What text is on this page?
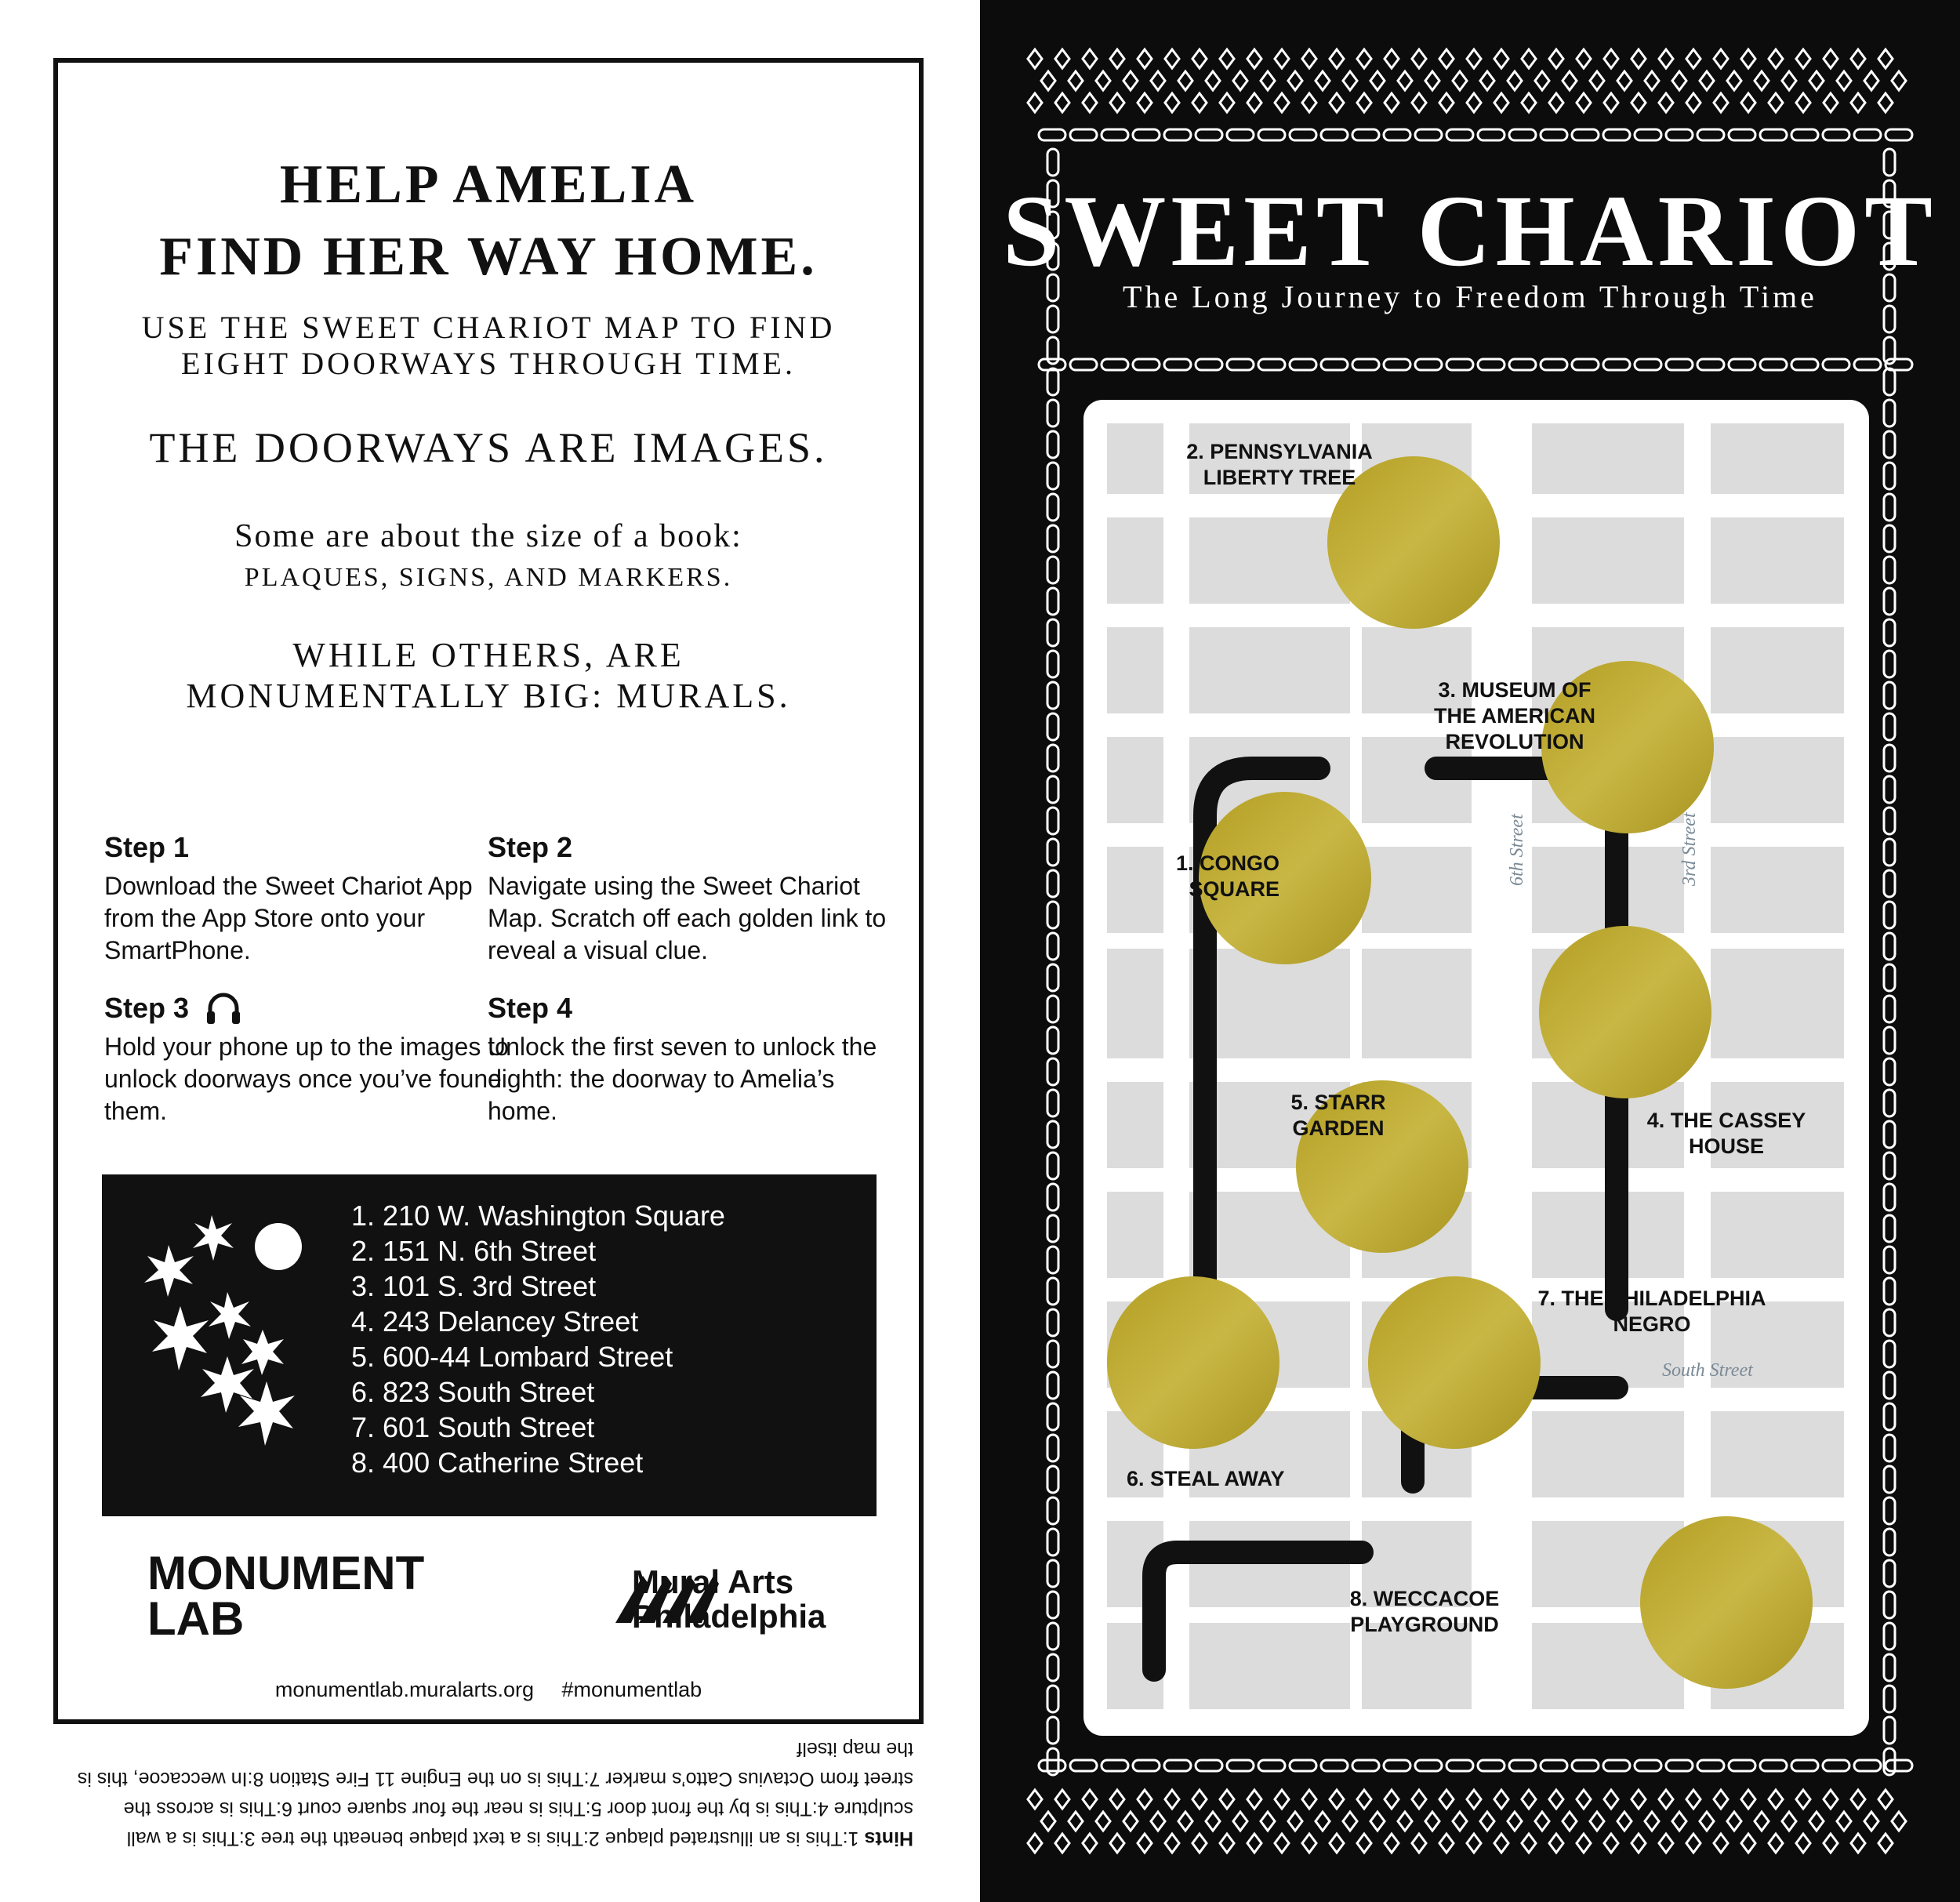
HELP AMELIA
FIND HER WAY HOME.
USE THE SWEET CHARIOT MAP TO FIND
EIGHT DOORWAYS THROUGH TIME.
THE DOORWAYS ARE IMAGES.
Some are about the size of a book:
PLAQUES, SIGNS, AND MARKERS.
WHILE OTHERS, ARE
MONUMENTALLY BIG: MURALS.
Step 1
Download the Sweet Chariot App from the App Store onto your SmartPhone.
Step 2
Navigate using the Sweet Chariot Map. Scratch off each golden link to reveal a visual clue.
Step 3
Hold your phone up to the images to unlock doorways once you’ve found them.
Step 4
Unlock the first seven to unlock the eighth: the doorway to Amelia’s home.
1. 210 W. Washington Square
2. 151 N. 6th Street
3. 101 S. 3rd Street
4. 243 Delancey Street
5. 600-44 Lombard Street
6. 823 South Street
7. 601 South Street
8. 400 Catherine Street
MONUMENT
LAB
Mural Arts
Philadelphia
monumentlab.muralarts.org #monumentlab
Hints 1:This is an illustrated plaque 2:This is a text plaque beneath the tree 3:This is a wall sculpture 4:This is by the front door 5:This is near the four square court 6:This is across the street from Octavius Catto’s marker 7:This is on the Engine 11 Fire Station 8:In weccacoe, this is the map itself
SWEET CHARIOT
The Long Journey to Freedom Through Time
1. CONGO
SQUARE
2. PENNSYLVANIA
LIBERTY TREE
3. MUSEUM OF
THE AMERICAN
REVOLUTION
4. THE CASSEY
HOUSE
5. STARR
GARDEN
6. STEAL AWAY
7. THE PHILADELPHIA
NEGRO
8. WECCACOE
PLAYGROUND
6th Street	3rd Street
South Street
